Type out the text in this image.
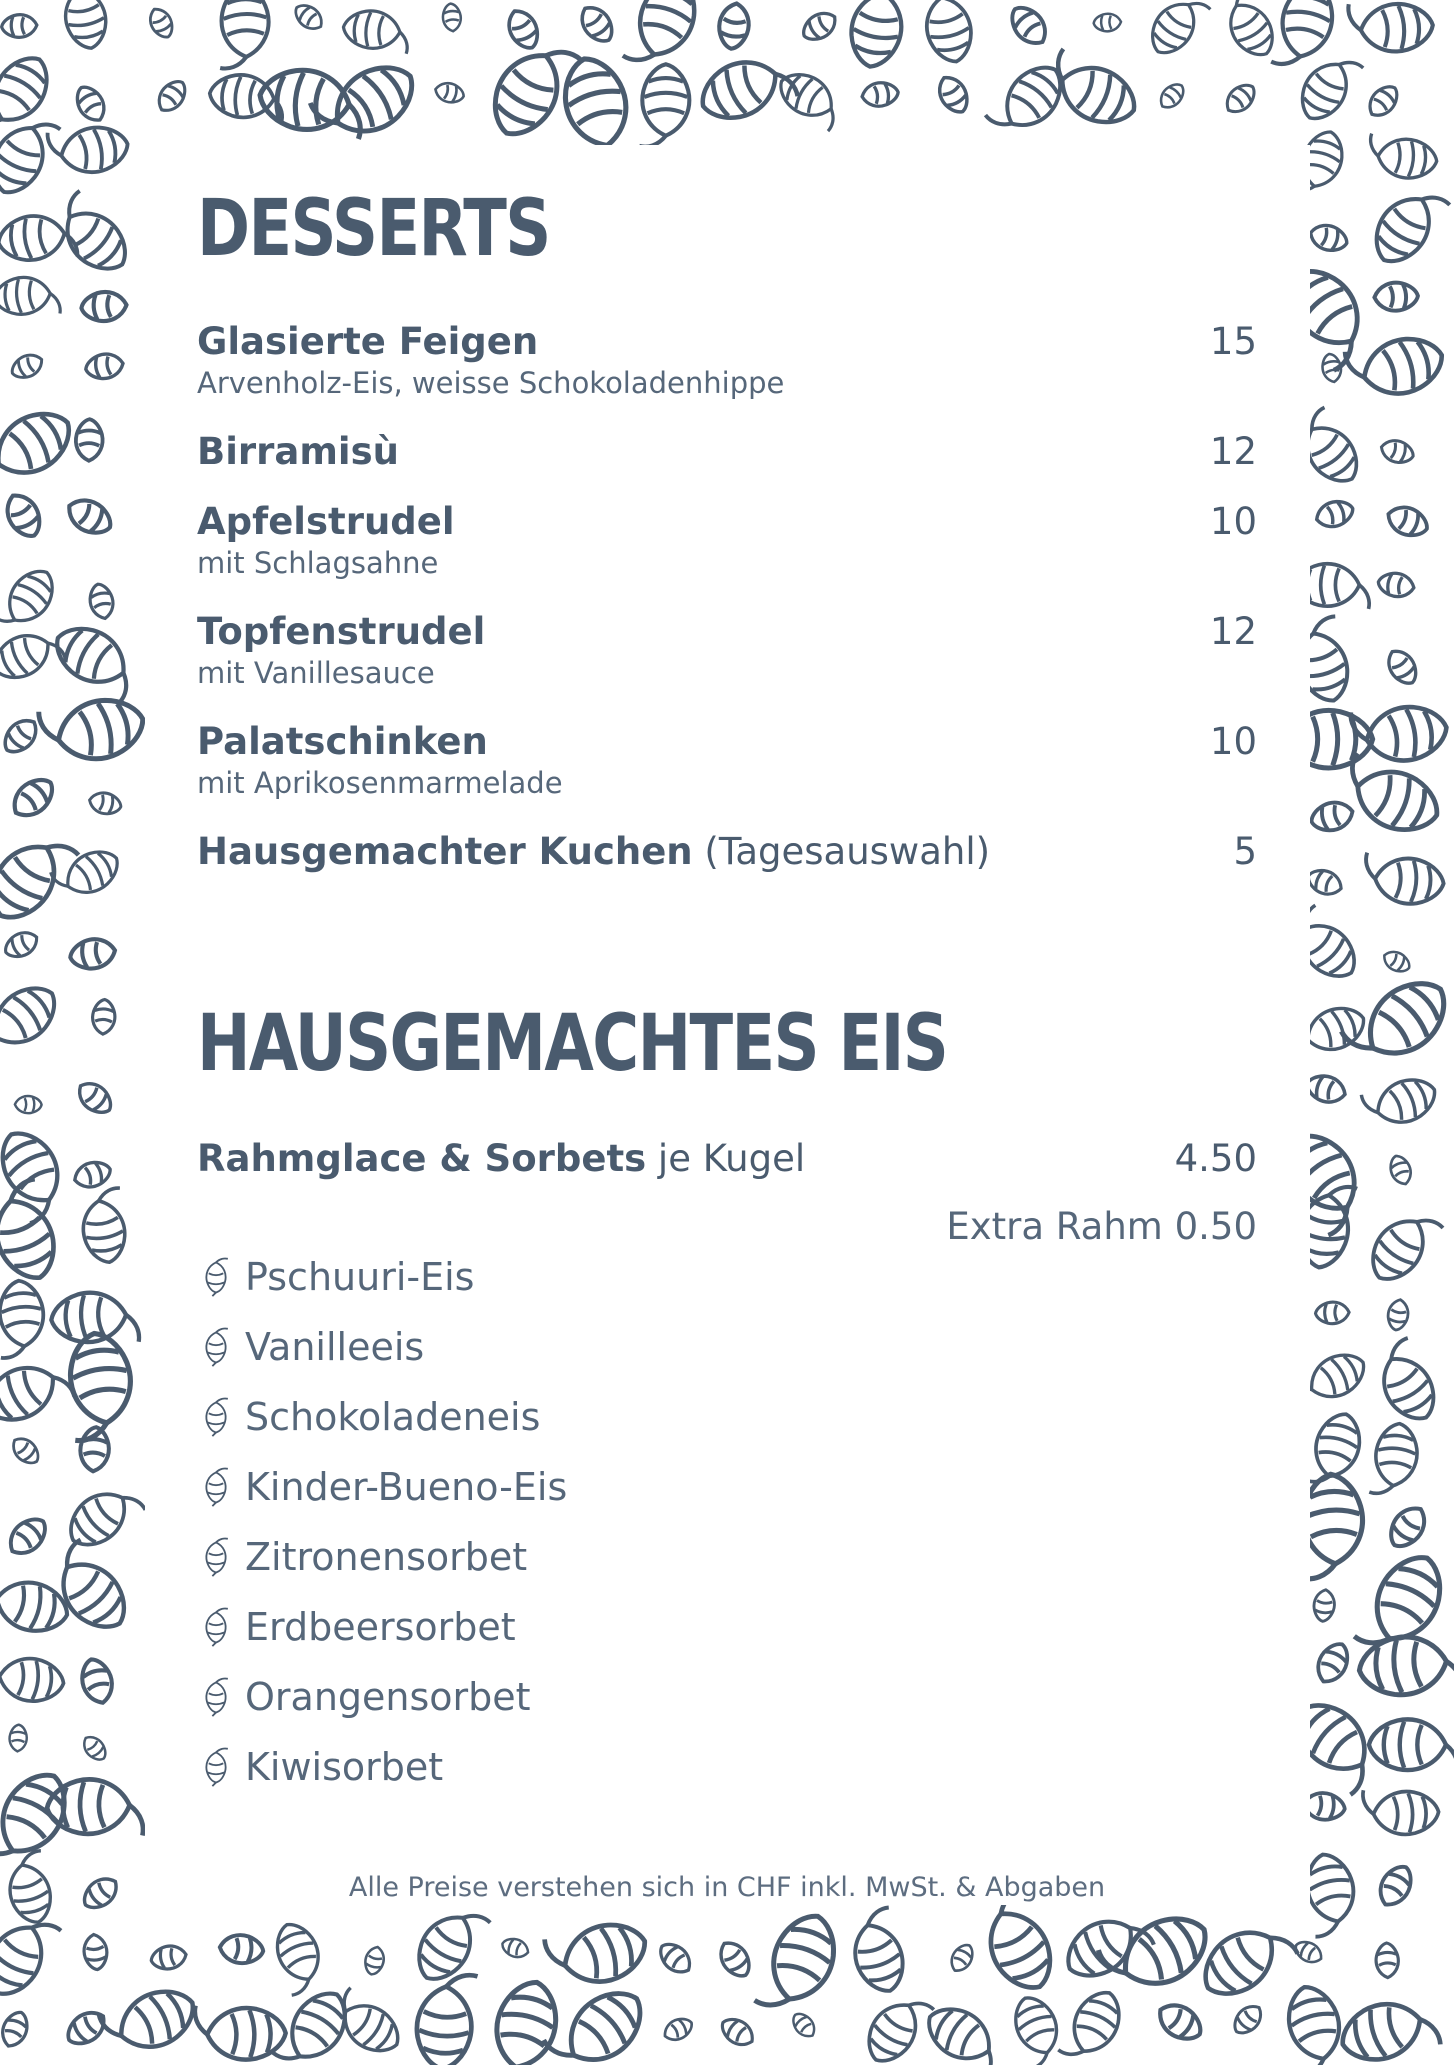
DESSERTS
Glasierte Feigen	15
Arvenholz-Eis, weisse Schokoladenhippe
Birramisù	12
Apfelstrudel	10
mit Schlagsahne
Topfenstrudel	12
mit Vanillesauce
Palatschinken	10
mit Aprikosenmarmelade
Hausgemachter Kuchen (Tagesauswahl)	5
HAUSGEMACHTES EIS
Rahmglace & Sorbets je Kugel	4.50
Extra Rahm 0.50
Pschuuri-Eis
Vanilleeis
Schokoladeneis
Kinder-Bueno-Eis
Zitronensorbet
Erdbeersorbet
Orangensorbet
Kiwisorbet
Alle Preise verstehen sich in CHF inkl. MwSt. & Abgaben
